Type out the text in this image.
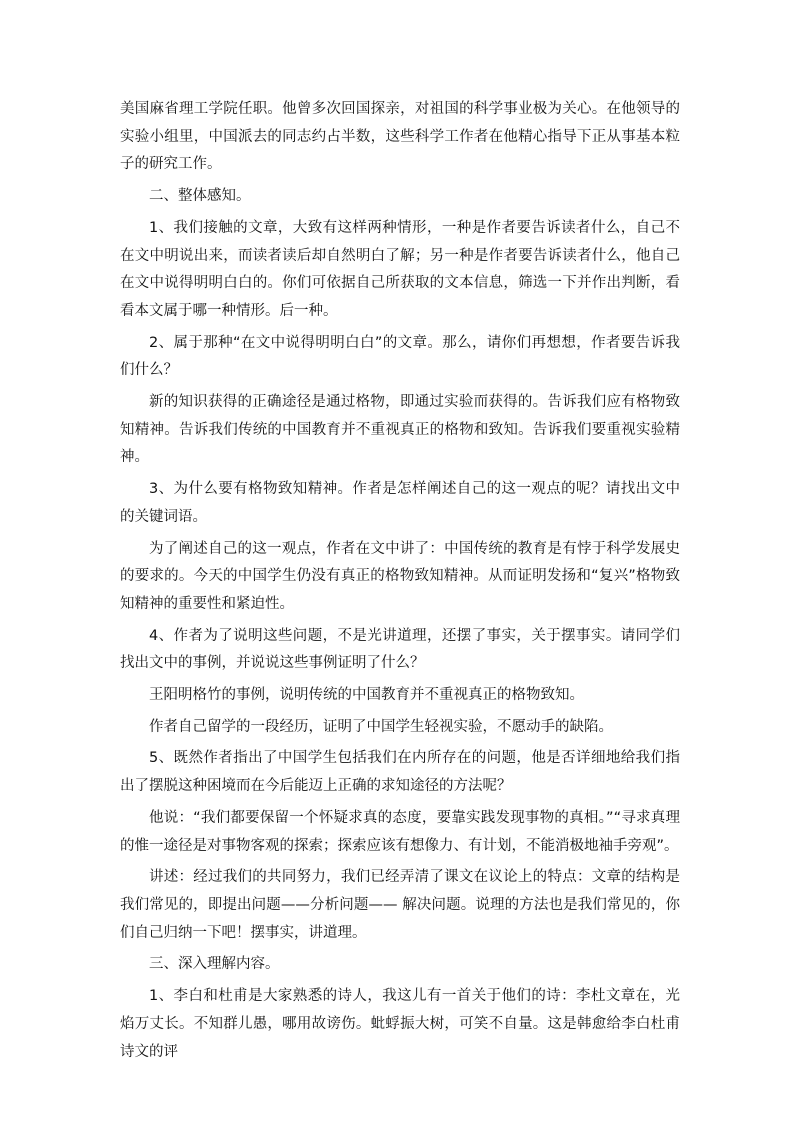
美国麻省理工学院任职。他曾多次回国探亲，对祖国的科学事业极为关心。在他领导的实验小组里，中国派去的同志约占半数，这些科学工作者在他精心指导下正从事基本粒子的研究工作。

二、整体感知。

1、我们接触的文章，大致有这样两种情形，一种是作者要告诉读者什么，自己不在文中明说出来，而读者读后却自然明白了解；另一种是作者要告诉读者什么，他自己在文中说得明明白白的。你们可依据自己所获取的文本信息，筛选一下并作出判断，看看本文属于哪一种情形。后一种。

2、属于那种“在文中说得明明白白”的文章。那么，请你们再想想，作者要告诉我们什么？

新的知识获得的正确途径是通过格物，即通过实验而获得的。告诉我们应有格物致知精神。告诉我们传统的中国教育并不重视真正的格物和致知。告诉我们要重视实验精神。

3、为什么要有格物致知精神。作者是怎样阐述自己的这一观点的呢？请找出文中的关键词语。

为了阐述自己的这一观点，作者在文中讲了：中国传统的教育是有悖于科学发展史的要求的。今天的中国学生仍没有真正的格物致知精神。从而证明发扬和“复兴”格物致知精神的重要性和紧迫性。

4、作者为了说明这些问题，不是光讲道理，还摆了事实，关于摆事实。请同学们找出文中的事例，并说说这些事例证明了什么？

王阳明格竹的事例，说明传统的中国教育并不重视真正的格物致知。

作者自己留学的一段经历，证明了中国学生轻视实验，不愿动手的缺陷。

5、既然作者指出了中国学生包括我们在内所存在的问题，他是否详细地给我们指出了摆脱这种困境而在今后能迈上正确的求知途径的方法呢？

他说：“我们都要保留一个怀疑求真的态度，要靠实践发现事物的真相。”“寻求真理的惟一途径是对事物客观的探索；探索应该有想像力、有计划，不能消极地袖手旁观”。

讲述：经过我们的共同努力，我们已经弄清了课文在议论上的特点：文章的结构是我们常见的，即提出问题——分析问题—— 解决问题。说理的方法也是我们常见的，你们自己归纳一下吧！摆事实，讲道理。

三、深入理解内容。

1、李白和杜甫是大家熟悉的诗人，我这儿有一首关于他们的诗：李杜文章在，光焰万丈长。不知群儿愚，哪用故谤伤。蚍蜉振大树，可笑不自量。这是韩愈给李白杜甫诗文的评
